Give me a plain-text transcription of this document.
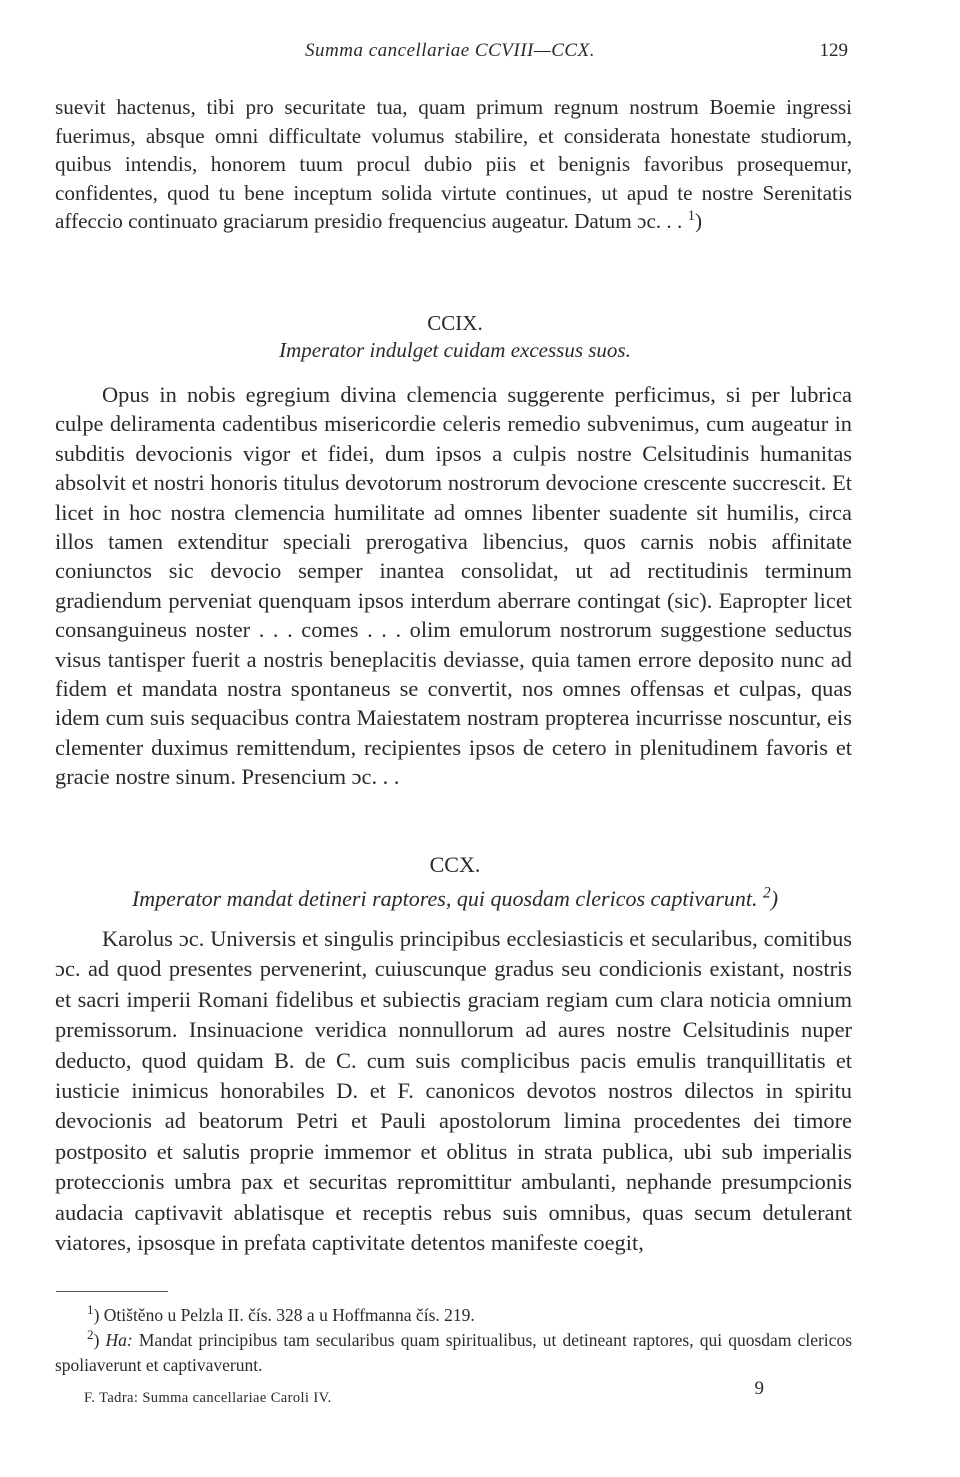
Summa cancellariae CCVIII—CCX.	129
suevit hactenus, tibi pro securitate tua, quam primum regnum nostrum Boemie ingressi fuerimus, absque omni difficultate volumus stabilire, et considerata honestate studiorum, quibus intendis, honorem tuum procul dubio piis et benignis favoribus prosequemur, confidentes, quod tu bene inceptum solida virtute continues, ut apud te nostre Serenitatis affeccio continuato graciarum presidio frequencius augeatur. Datum ɔc. . . $^1$)
CCIX.
Imperator indulget cuidam excessus suos.
Opus in nobis egregium divina clemencia suggerente perficimus, si per lubrica culpe deliramenta cadentibus misericordie celeris remedio subvenimus, cum augeatur in subditis devocionis vigor et fidei, dum ipsos a culpis nostre Celsitudinis humanitas absolvit et nostri honoris titulus devotorum nostrorum devocione crescente succrescit. Et licet in hoc nostra clemencia humilitate ad omnes libenter suadente sit humilis, circa illos tamen extenditur speciali prerogativa libencius, quos carnis nobis affinitate coniunctos sic devocio semper inantea consolidat, ut ad rectitudinis terminum gradiendum perveniat quenquam ipsos interdum aberrare contingat (sic). Eapropter licet consanguineus noster . . . comes . . . olim emulorum nostrorum suggestione seductus visus tantisper fuerit a nostris beneplacitis deviasse, quia tamen errore deposito nunc ad fidem et mandata nostra spontaneus se convertit, nos omnes offensas et culpas, quas idem cum suis sequacibus contra Maiestatem nostram propterea incurrisse noscuntur, eis clementer duximus remittendum, recipientes ipsos de cetero in plenitudinem favoris et gracie nostre sinum. Presencium ɔc. . .
CCX.
Imperator mandat detineri raptores, qui quosdam clericos captivarunt. $^2$)
Karolus ɔc. Universis et singulis principibus ecclesiasticis et secularibus, comitibus ɔc. ad quod presentes pervenerint, cuiuscunque gradus seu condicionis existant, nostris et sacri imperii Romani fidelibus et subiectis graciam regiam cum clara noticia omnium premissorum. Insinuacione veridica nonnullorum ad aures nostre Celsitudinis nuper deducto, quod quidam B. de C. cum suis complicibus pacis emulis tranquillitatis et iusticie inimicus honorabiles D. et F. canonicos devotos nostros dilectos in spiritu devocionis ad beatorum Petri et Pauli apostolorum limina procedentes dei timore postposito et salutis proprie immemor et oblitus in strata publica, ubi sub imperialis proteccionis umbra pax et securitas repromittitur ambulanti, nephande presumpcionis audacia captivavit ablatisque et receptis rebus suis omnibus, quas secum detulerant viatores, ipsosque in prefata captivitate detentos manifeste coegit,
$^1$) Otištěno u Pelzla II. čís. 328 a u Hoffmanna čís. 219.
$^2$) Ha: Mandat principibus tam secularibus quam spiritualibus, ut detineant raptores, qui quosdam clericos spoliaverunt et captivaverunt.
F. Tadra: Summa cancellariae Caroli IV.	9
